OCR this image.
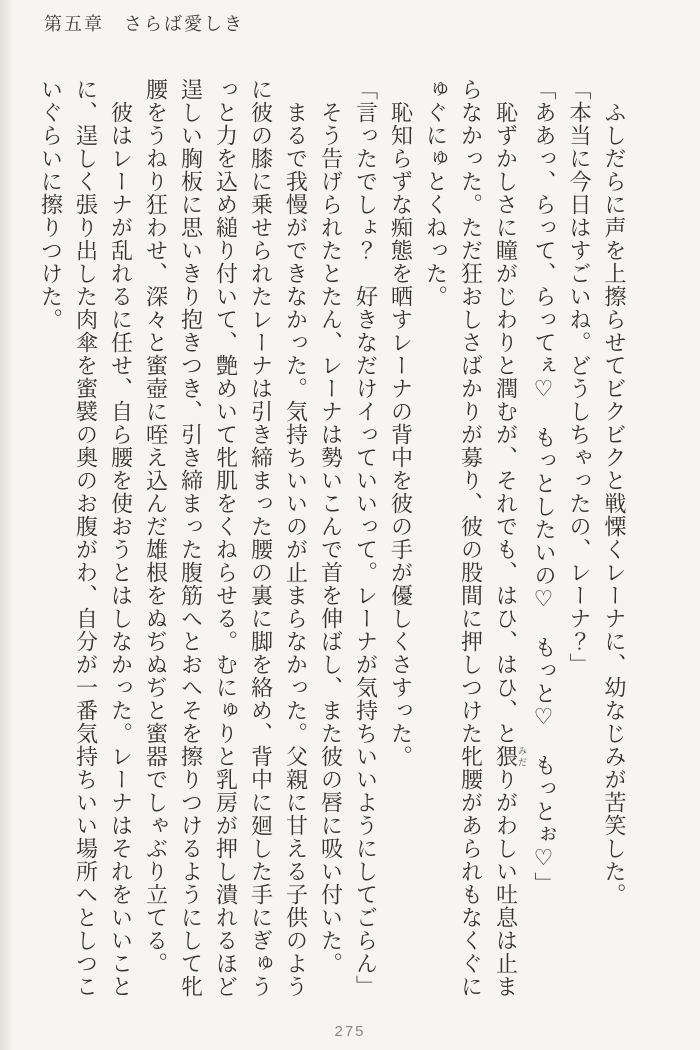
第五章　さらば愛しき

ふしだらに声を上擦らせてビクビクと戦慄くレーナに、幼なじみが苦笑した。

「本当に今日はすごいね。どうしちゃったの、レーナ？」

「ああっ、らって、らってぇ♡　もっとしたいの♡　もっと♡　もっとぉ♡」

恥ずかしさに瞳がじわりと潤むが、それでも、はひ、はひ、と猥みだりがわしい吐息は止まらなかった。ただ狂おしさばかりが募り、彼の股間に押しつけた牝腰があられもなくぐにゅぐにゅとくねった。

恥知らずな痴態を晒すレーナの背中を彼の手が優しくさすった。

「言ったでしょ？　好きなだけイっていいって。レーナが気持ちいいようにしてごらん」

そう告げられたとたん、レーナは勢いこんで首を伸ばし、また彼の唇に吸い付いた。

まるで我慢ができなかった。気持ちいいのが止まらなかった。父親に甘える子供のように彼の膝に乗せられたレーナは引き締まった腰の裏に脚を絡め、背中に廻した手にぎゅうっと力を込め縋り付いて、艶めいて牝肌をくねらせる。むにゅりと乳房が押し潰れるほど逞しい胸板に思いきり抱きつき、引き締まった腹筋へとおへそを擦りつけるようにして牝腰をうねり狂わせ、深々と蜜壺に咥え込んだ雄根をぬぢぬぢと蜜器でしゃぶり立てる。

彼はレーナが乱れるに任せ、自ら腰を使おうとはしなかった。レーナはそれをいいことに、逞しく張り出した肉傘を蜜襞の奥のお腹がわ、自分が一番気持ちいい場所へとしつこいぐらいに擦りつけた。

275
